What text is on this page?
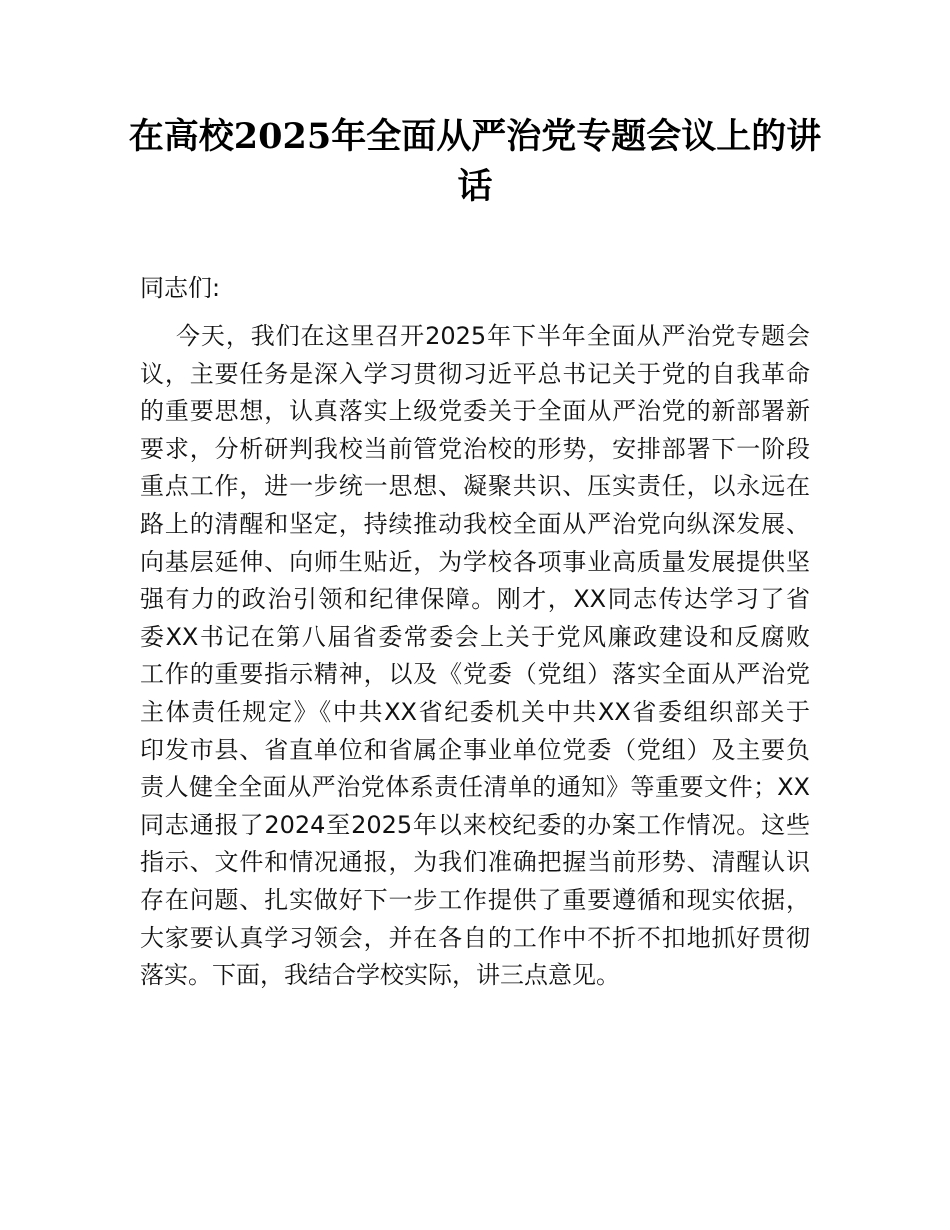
在高校2025年全面从严治党专题会议上的讲
话
同志们:
今天，我们在这里召开2025年下半年全面从严治党专题会
议，主要任务是深入学习贯彻习近平总书记关于党的自我革命
的重要思想，认真落实上级党委关于全面从严治党的新部署新
要求，分析研判我校当前管党治校的形势，安排部署下一阶段
重点工作，进一步统一思想、凝聚共识、压实责任，以永远在
路上的清醒和坚定，持续推动我校全面从严治党向纵深发展、
向基层延伸、向师生贴近，为学校各项事业高质量发展提供坚
强有力的政治引领和纪律保障。刚才，XX同志传达学习了省
委XX书记在第八届省委常委会上关于党风廉政建设和反腐败
工作的重要指示精神，以及《党委（党组）落实全面从严治党
主体责任规定》《中共XX省纪委机关中共XX省委组织部关于
印发市县、省直单位和省属企事业单位党委（党组）及主要负
责人健全全面从严治党体系责任清单的通知》等重要文件；XX
同志通报了2024至2025年以来校纪委的办案工作情况。这些
指示、文件和情况通报，为我们准确把握当前形势、清醒认识
存在问题、扎实做好下一步工作提供了重要遵循和现实依据，
大家要认真学习领会，并在各自的工作中不折不扣地抓好贯彻
落实。下面，我结合学校实际，讲三点意见。
